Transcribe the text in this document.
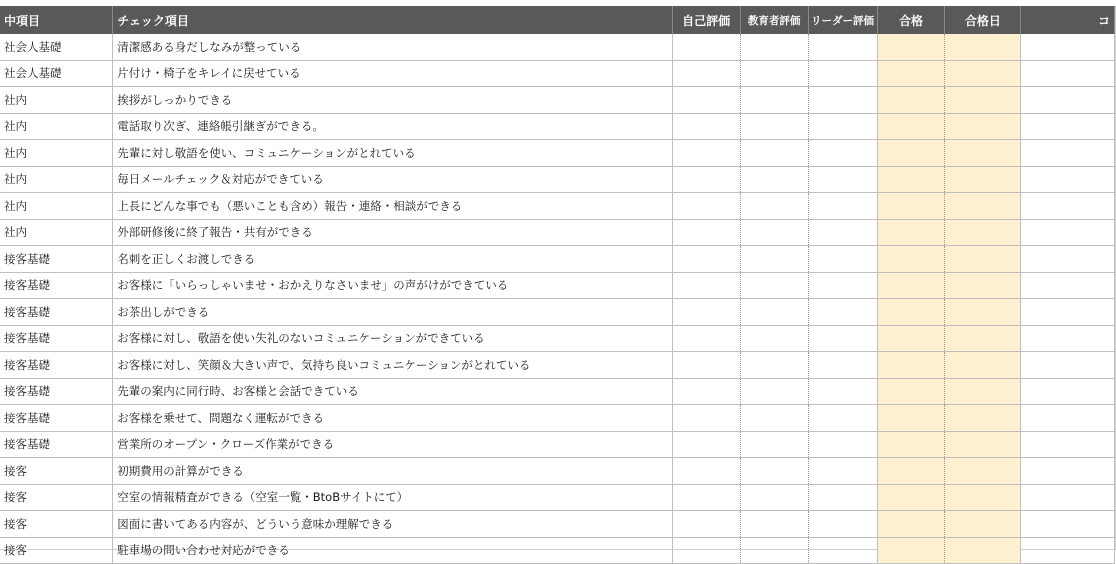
中項目	チェック項目	自己評価	教育者評価	リーダー評価	合格	合格日	コ
社会人基礎	清潔感ある身だしなみが整っている						
社会人基礎	片付け・椅子をキレイに戻せている						
社内	挨拶がしっかりできる						
社内	電話取り次ぎ、連絡帳引継ぎができる。						
社内	先輩に対し敬語を使い、コミュニケーションがとれている						
社内	毎日メールチェック＆対応ができている						
社内	上長にどんな事でも（悪いことも含め）報告・連絡・相談ができる						
社内	外部研修後に終了報告・共有ができる						
接客基礎	名刺を正しくお渡しできる						
接客基礎	お客様に「いらっしゃいませ・おかえりなさいませ」の声がけができている						
接客基礎	お茶出しができる						
接客基礎	お客様に対し、敬語を使い失礼のないコミュニケーションができている						
接客基礎	お客様に対し、笑顔＆大きい声で、気持ち良いコミュニケーションがとれている						
接客基礎	先輩の案内に同行時、お客様と会話できている						
接客基礎	お客様を乗せて、問題なく運転ができる						
接客基礎	営業所のオープン・クローズ作業ができる						
接客	初期費用の計算ができる						
接客	空室の情報精査ができる（空室一覧・BtoBサイトにて）						
接客	図面に書いてある内容が、どういう意味か理解できる						
接客	駐車場の問い合わせ対応ができる						
